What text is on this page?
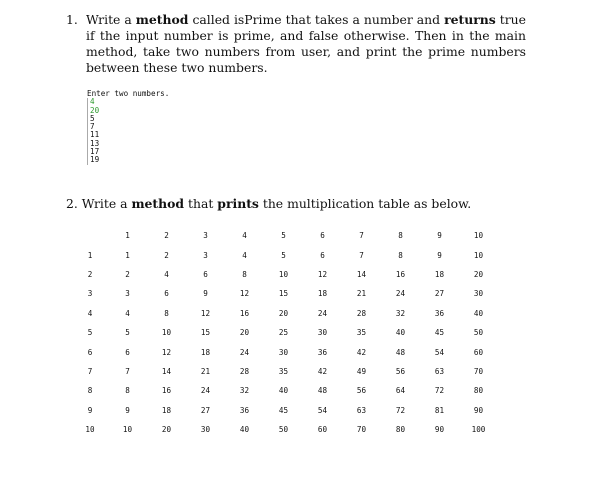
1. Write a method called isPrime that takes a number and returns true if the input number is prime, and false otherwise. Then in the main method, take two numbers from user, and print the prime numbers between these two numbers.
Enter two numbers.
4
20
5
7
11
13
17
19
2. Write a method that prints the multiplication table as below.
	1	2	3	4	5	6	7	8	9	10
1	1	2	3	4	5	6	7	8	9	10
2	2	4	6	8	10	12	14	16	18	20
3	3	6	9	12	15	18	21	24	27	30
4	4	8	12	16	20	24	28	32	36	40
5	5	10	15	20	25	30	35	40	45	50
6	6	12	18	24	30	36	42	48	54	60
7	7	14	21	28	35	42	49	56	63	70
8	8	16	24	32	40	48	56	64	72	80
9	9	18	27	36	45	54	63	72	81	90
10	10	20	30	40	50	60	70	80	90	100
